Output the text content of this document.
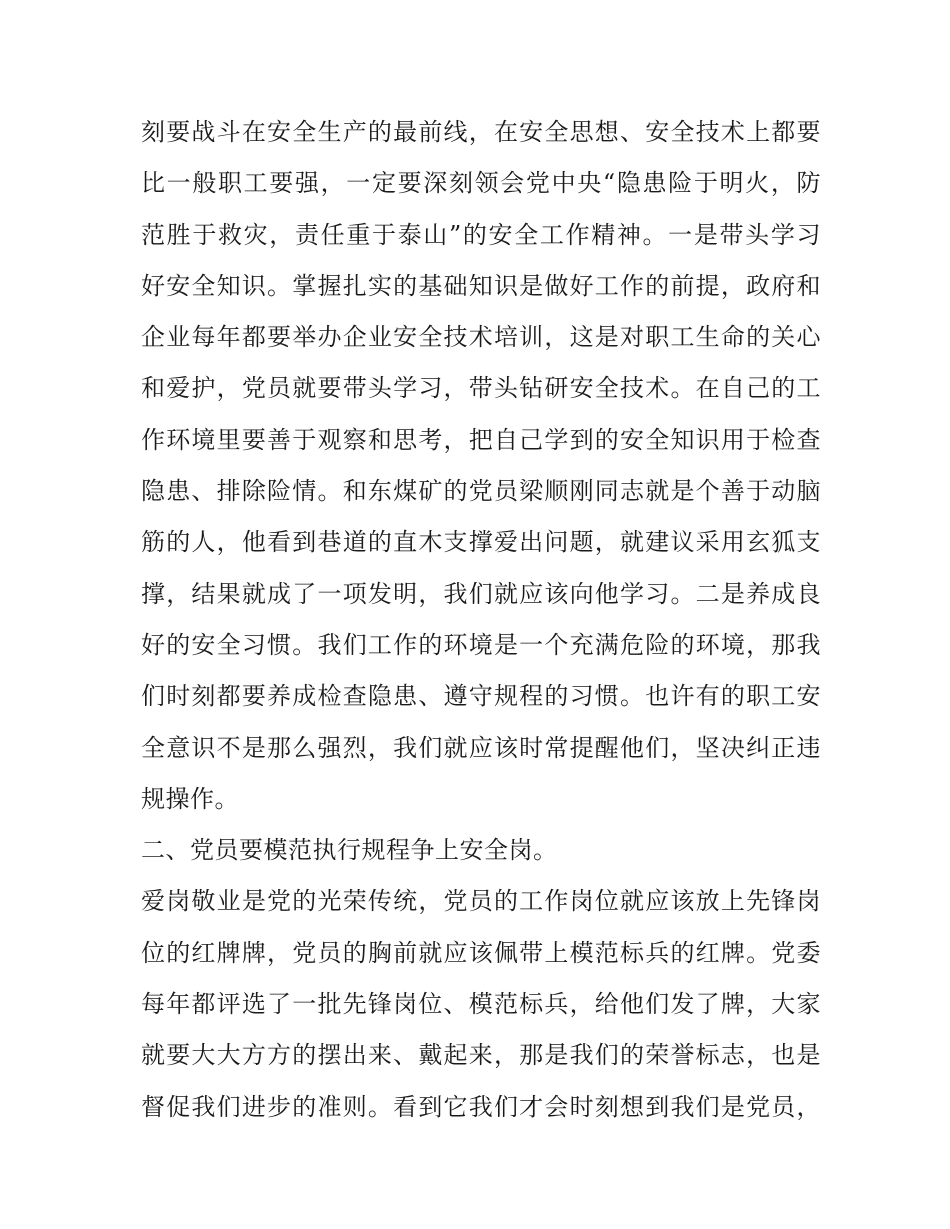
刻要战斗在安全生产的最前线，在安全思想、安全技术上都要
比一般职工要强，一定要深刻领会党中央“隐患险于明火，防
范胜于救灾，责任重于泰山”的安全工作精神。一是带头学习
好安全知识。掌握扎实的基础知识是做好工作的前提，政府和
企业每年都要举办企业安全技术培训，这是对职工生命的关心
和爱护，党员就要带头学习，带头钻研安全技术。在自己的工
作环境里要善于观察和思考，把自己学到的安全知识用于检查
隐患、排除险情。和东煤矿的党员梁顺刚同志就是个善于动脑
筋的人，他看到巷道的直木支撑爱出问题，就建议采用玄狐支
撑，结果就成了一项发明，我们就应该向他学习。二是养成良
好的安全习惯。我们工作的环境是一个充满危险的环境，那我
们时刻都要养成检查隐患、遵守规程的习惯。也许有的职工安
全意识不是那么强烈，我们就应该时常提醒他们，坚决纠正违
规操作。
二、党员要模范执行规程争上安全岗。
爱岗敬业是党的光荣传统，党员的工作岗位就应该放上先锋岗
位的红牌牌，党员的胸前就应该佩带上模范标兵的红牌。党委
每年都评选了一批先锋岗位、模范标兵，给他们发了牌，大家
就要大大方方的摆出来、戴起来，那是我们的荣誉标志，也是
督促我们进步的准则。看到它我们才会时刻想到我们是党员，
